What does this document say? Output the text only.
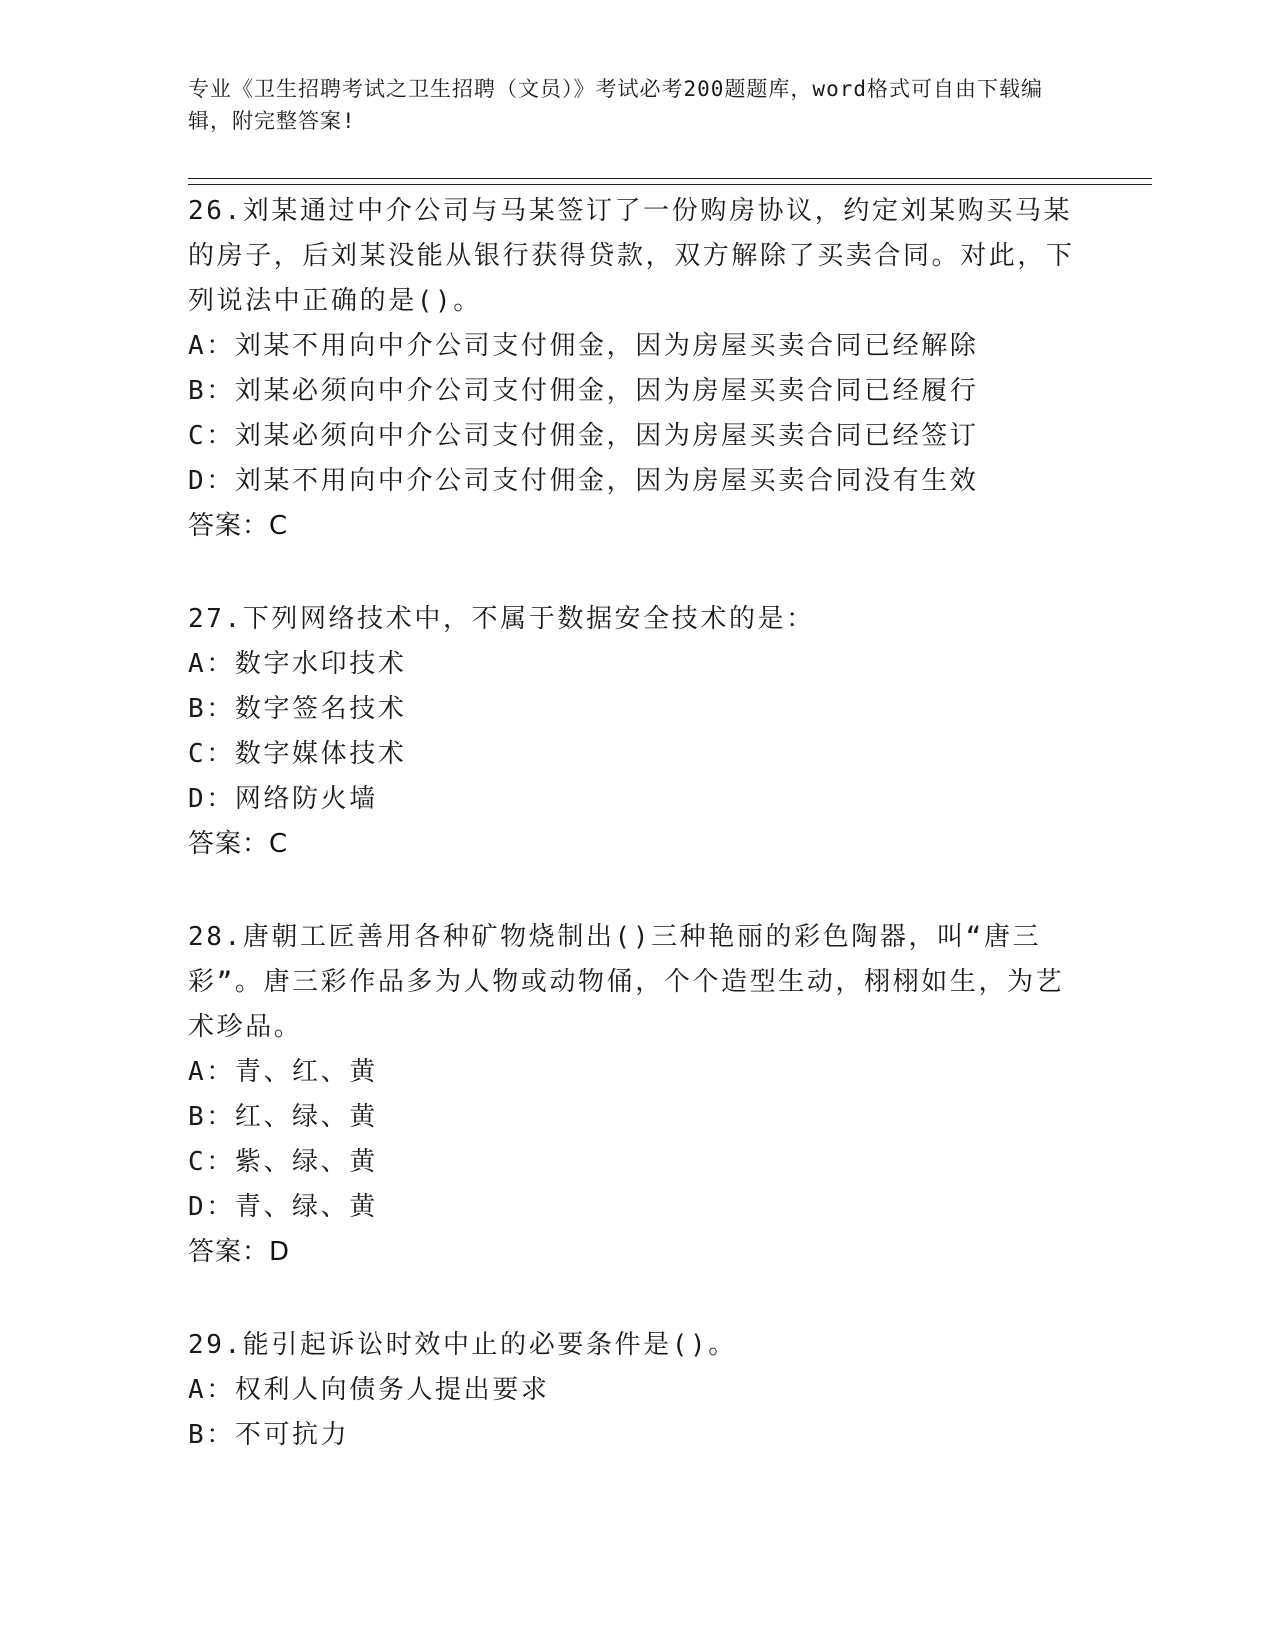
专业《卫生招聘考试之卫生招聘（文员）》考试必考200题题库，word格式可自由下载编辑，附完整答案!

26.刘某通过中介公司与马某签订了一份购房协议，约定刘某购买马某的房子，后刘某没能从银行获得贷款，双方解除了买卖合同。对此，下列说法中正确的是()。

A：刘某不用向中介公司支付佣金，因为房屋买卖合同已经解除

B：刘某必须向中介公司支付佣金，因为房屋买卖合同已经履行

C：刘某必须向中介公司支付佣金，因为房屋买卖合同已经签订

D：刘某不用向中介公司支付佣金，因为房屋买卖合同没有生效

答案：C

27.下列网络技术中，不属于数据安全技术的是：

A：数字水印技术

B：数字签名技术

C：数字媒体技术

D：网络防火墙

答案：C

28.唐朝工匠善用各种矿物烧制出()三种艳丽的彩色陶器，叫“唐三彩”。唐三彩作品多为人物或动物俑，个个造型生动，栩栩如生，为艺术珍品。

A：青、红、黄

B：红、绿、黄

C：紫、绿、黄

D：青、绿、黄

答案：D

29.能引起诉讼时效中止的必要条件是()。

A：权利人向债务人提出要求

B：不可抗力
